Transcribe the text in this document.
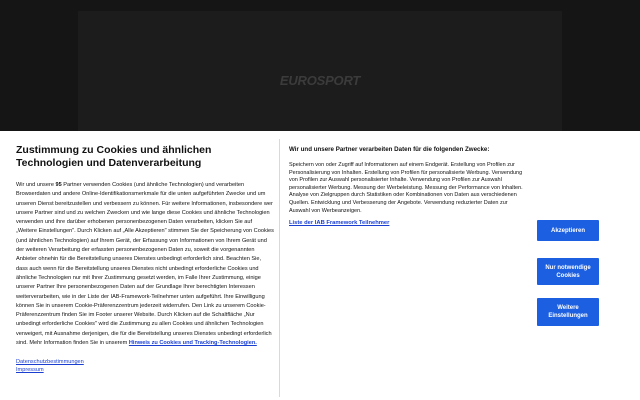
EUROSPORT
Zustimmung zu Cookies und ähnlichen Technologien und Datenverarbeitung

Wir und unsere 95 Partner verwenden Cookies (und ähnliche Technologien) und verarbeiten Browserdaten und andere Online-Identifikationsmerkmale für die unten aufgeführten Zwecke und um unseren Dienst bereitzustellen und verbessern zu können. Für weitere Informationen, insbesondere wer unsere Partner sind und zu welchen Zwecken und wie lange diese Cookies und ähnliche Technologien verwenden und ihre darüber erhobenen personenbezogenen Daten verarbeiten, klicken Sie auf „Weitere Einstellungen". Durch Klicken auf „Alle Akzeptieren" stimmen Sie der Speicherung von Cookies (und ähnlichen Technologien) auf Ihrem Gerät, der Erfassung von Informationen von Ihrem Gerät und der weiteren Verarbeitung der erfassten personenbezogenen Daten zu, soweit die vorgenannten Anbieter ohnehin für die Bereitstellung unseres Dienstes unbedingt erforderlich sind. Beachten Sie, dass auch wenn für die Bereitstellung unseres Dienstes nicht unbedingt erforderliche Cookies und ähnliche Technologien nur mit Ihrer Zustimmung gesetzt werden, im Falle Ihrer Zustimmung, einige unserer Partner Ihre personenbezogenen Daten auf der Grundlage Ihrer berechtigten Interessen weiterverarbeiten, wie in der Liste der IAB-Framework-Teilnehmer unten aufgeführt. Ihre Einwilligung können Sie in unserem Cookie-Präferenzzentrum jederzeit widerrufen. Den Link zu unserem Cookie-Präferenzzentrum finden Sie im Footer unserer Website. Durch Klicken auf die Schaltfläche „Nur unbedingt erforderliche Cookies" wird die Zustimmung zu allen Cookies und ähnlichen Technologien verweigert, mit Ausnahme derjenigen, die für die Bereitstellung unseres Dienstes unbedingt erforderlich sind. Mehr Information finden Sie in unserem Hinweis zu Cookies und Tracking-Technologien.

Datenschutzbestimmungen
Impressum
Wir und unsere Partner verarbeiten Daten für die folgenden Zwecke:

Speichern von oder Zugriff auf Informationen auf einem Endgerät. Erstellung von Profilen zur Personalisierung von Inhalten. Erstellung von Profilen für personalisierte Werbung. Verwendung von Profilen zur Auswahl personalisierter Inhalte. Verwendung von Profilen zur Auswahl personalisierter Werbung. Messung der Werbeleistung. Messung der Performance von Inhalten. Analyse von Zielgruppen durch Statistiken oder Kombinationen von Daten aus verschiedenen Quellen. Entwicklung und Verbesserung der Angebote. Verwendung reduzierter Daten zur Auswahl von Werbeanzeigen.

Liste der IAB Framework Teilnehmer
Akzeptieren
Nur notwendige Cookies
Weitere Einstellungen
